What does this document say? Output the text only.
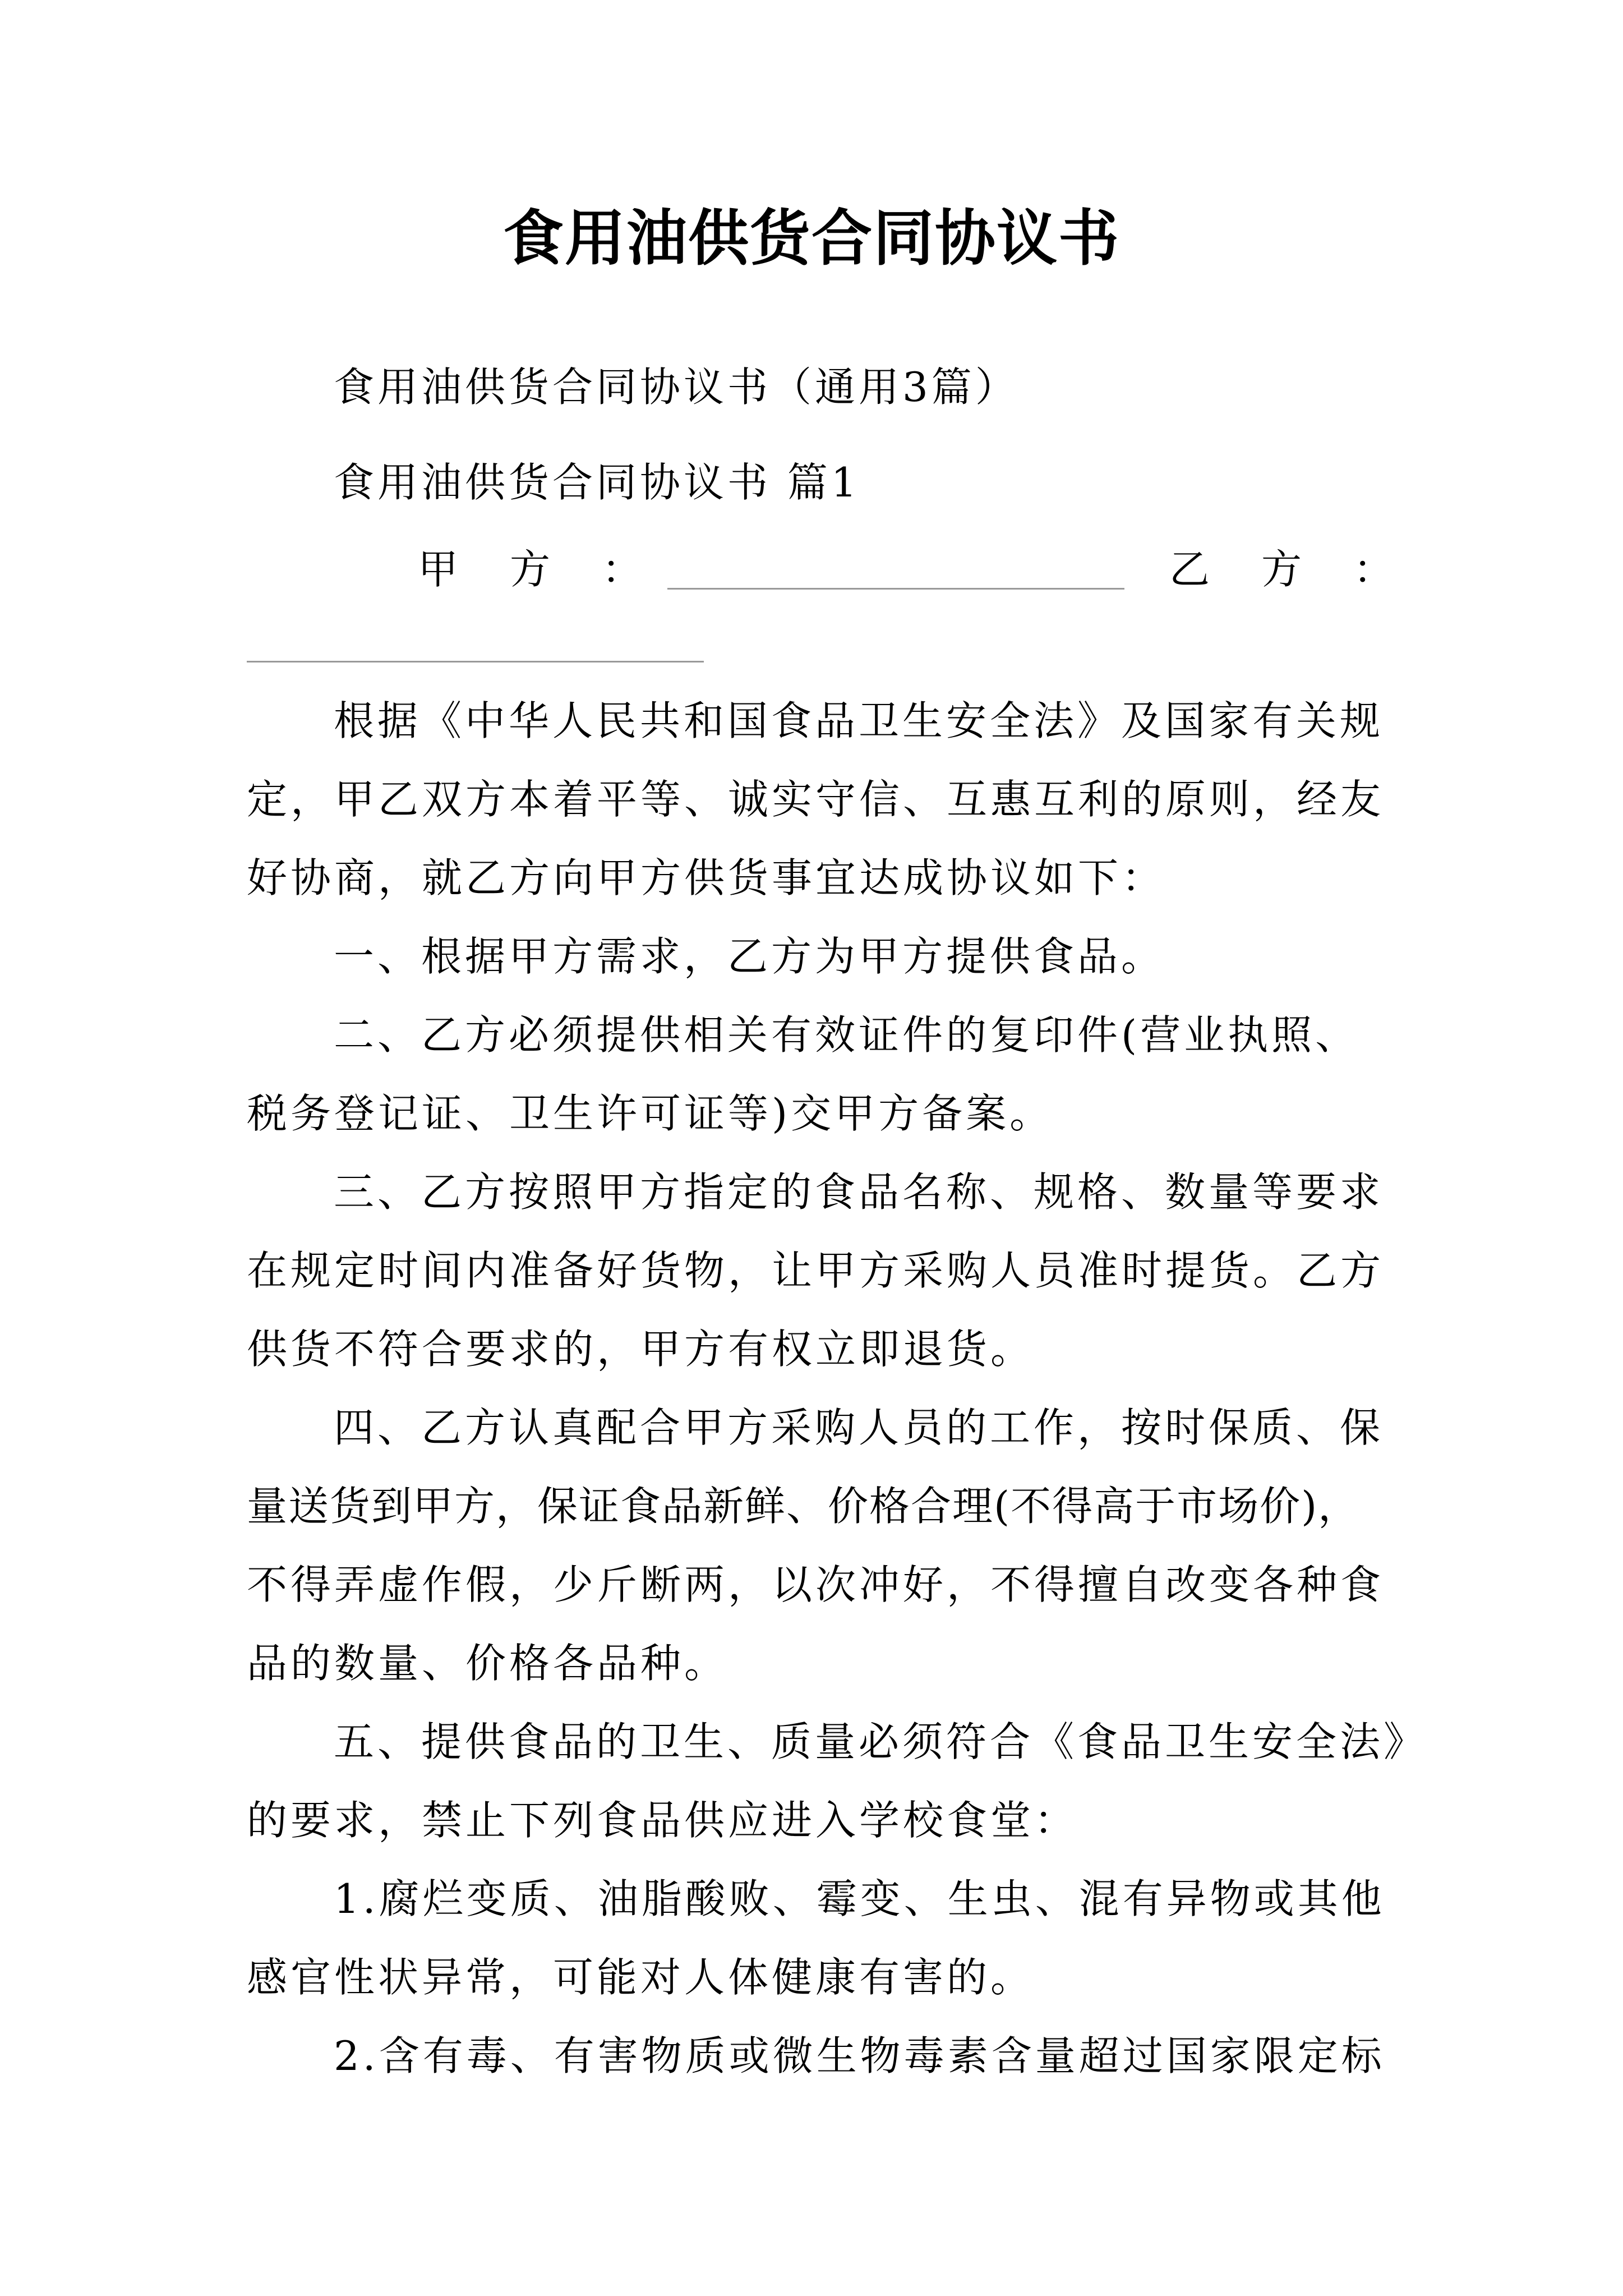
食用油供货合同协议书
食用油供货合同协议书（通用3篇）
食用油供货合同协议书 篇1
甲　方　：	乙　方　：
根据《中华人民共和国食品卫生安全法》及国家有关规
定，甲乙双方本着平等、诚实守信、互惠互利的原则，经友
好协商，就乙方向甲方供货事宜达成协议如下：
一、根据甲方需求，乙方为甲方提供食品。
二、乙方必须提供相关有效证件的复印件(营业执照、
税务登记证、卫生许可证等)交甲方备案。
三、乙方按照甲方指定的食品名称、规格、数量等要求
在规定时间内准备好货物，让甲方采购人员准时提货。乙方
供货不符合要求的，甲方有权立即退货。
四、乙方认真配合甲方采购人员的工作，按时保质、保
量送货到甲方，保证食品新鲜、价格合理(不得高于市场价)，
不得弄虚作假，少斤断两，以次冲好，不得擅自改变各种食
品的数量、价格各品种。
五、提供食品的卫生、质量必须符合《食品卫生安全法》
的要求，禁止下列食品供应进入学校食堂：
1.腐烂变质、油脂酸败、霉变、生虫、混有异物或其他
感官性状异常，可能对人体健康有害的。
2.含有毒、有害物质或微生物毒素含量超过国家限定标
